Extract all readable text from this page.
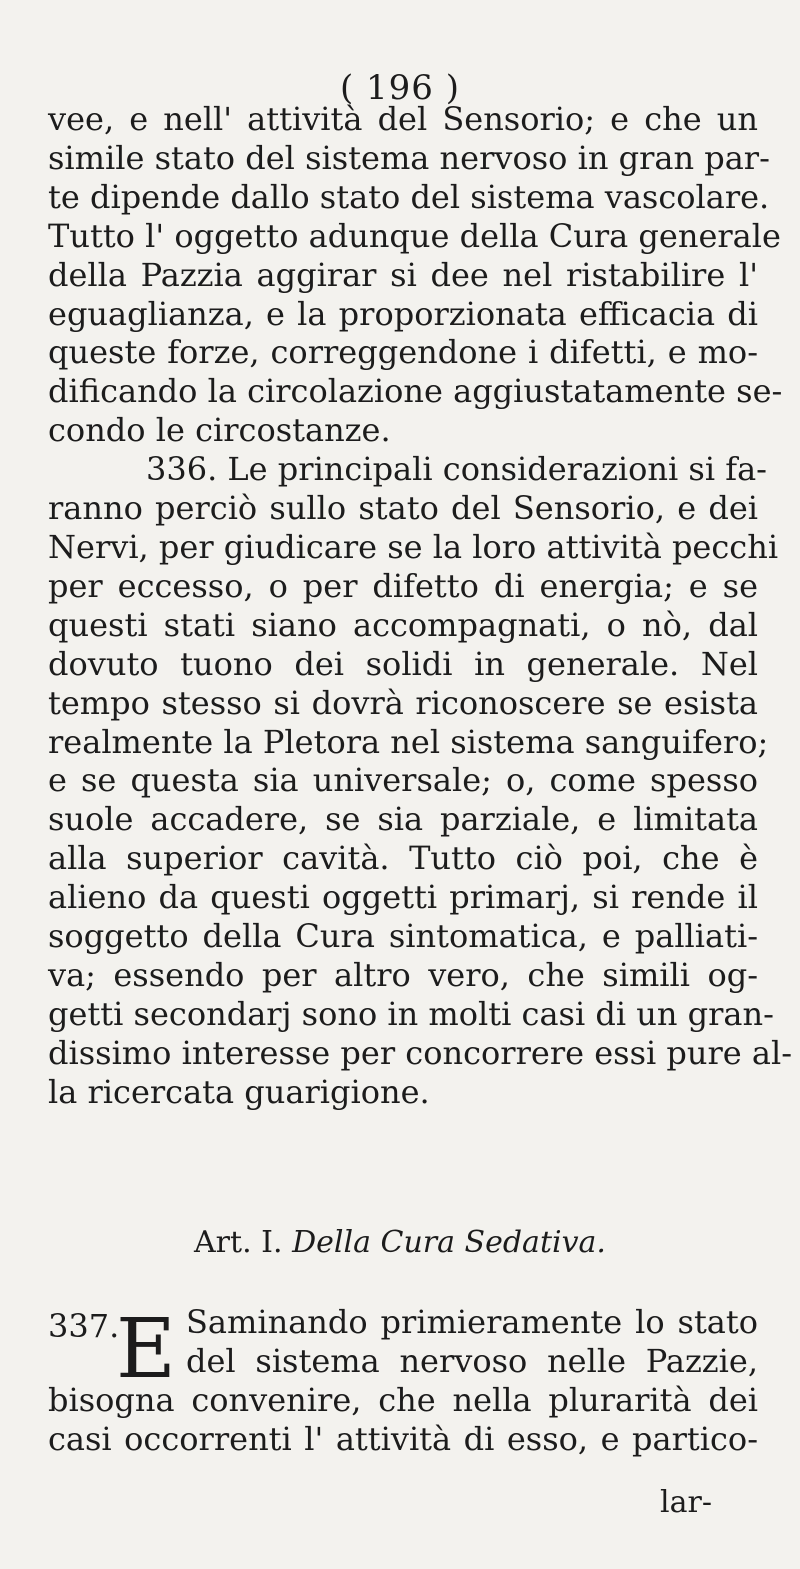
( 196 )
vee, e nell' attività del Sensorio; e che un
simile stato del sistema nervoso in gran par-
te dipende dallo stato del sistema vascolare.
Tutto l' oggetto adunque della Cura generale
della Pazzia aggirar si dee nel ristabilire l'
eguaglianza, e la proporzionata efficacia di
queste forze, correggendone i difetti, e mo-
dificando la circolazione aggiustatamente se-
condo le circostanze.
336. Le principali considerazioni si fa-
ranno perciò sullo stato del Sensorio, e dei
Nervi, per giudicare se la loro attività pecchi
per eccesso, o per difetto di energia; e se
questi stati siano accompagnati, o nò, dal
dovuto tuono dei solidi in generale. Nel
tempo stesso si dovrà riconoscere se esista
realmente la Pletora nel sistema sanguifero;
e se questa sia universale; o, come spesso
suole accadere, se sia parziale, e limitata
alla superior cavità. Tutto ciò poi, che è
alieno da questi oggetti primarj, si rende il
soggetto della Cura sintomatica, e palliati-
va; essendo per altro vero, che simili og-
getti secondarj sono in molti casi di un gran-
dissimo interesse per concorrere essi pure al-
la ricercata guarigione.
Art. I. Della Cura Sedativa.
337.
E Saminando primieramente lo stato
del sistema nervoso nelle Pazzie,
bisogna convenire, che nella plurarità dei
casi occorrenti l' attività di esso, e partico-
lar-
